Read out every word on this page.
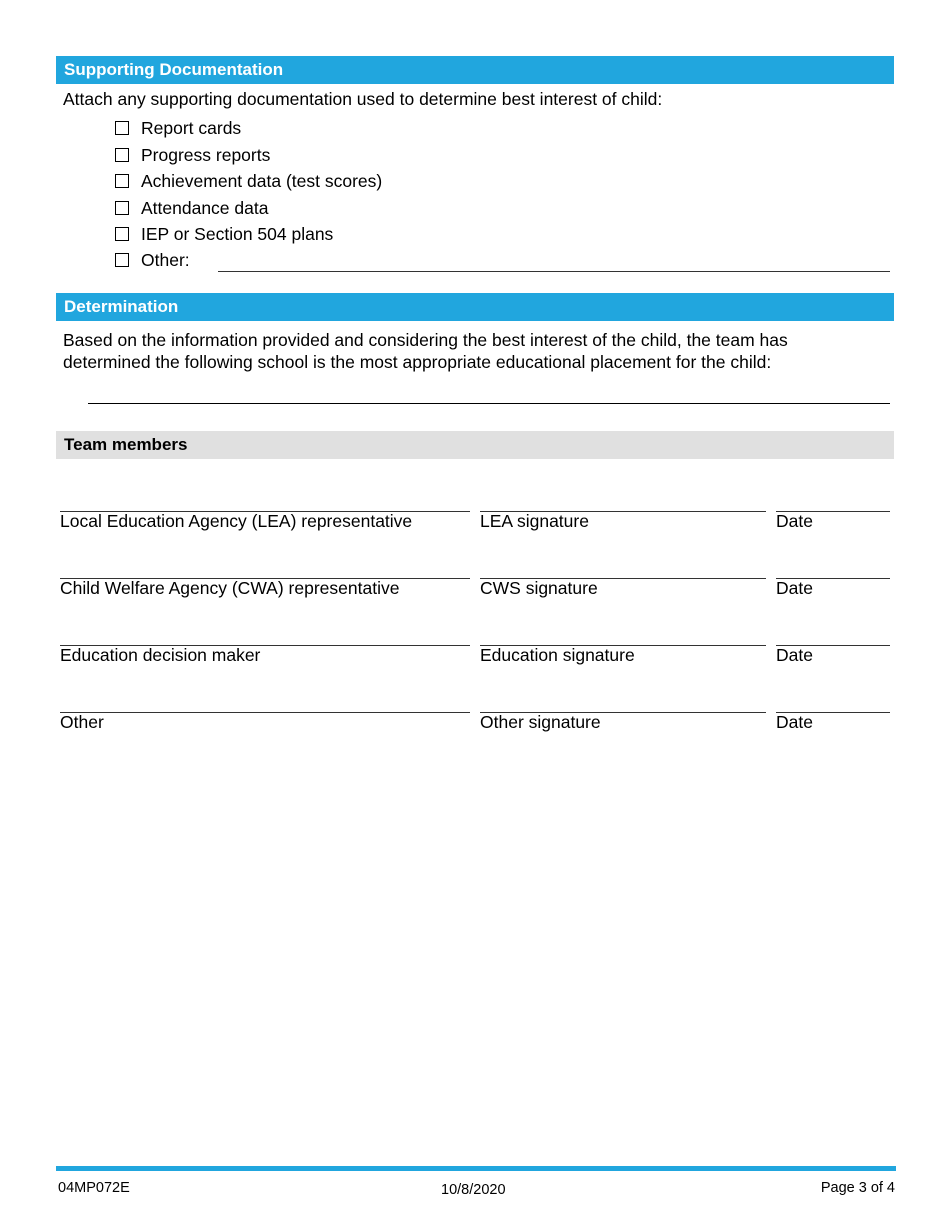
Supporting Documentation
Attach any supporting documentation used to determine best interest of child:
Report cards
Progress reports
Achievement data (test scores)
Attendance data
IEP or Section 504 plans
Other:
Determination
Based on the information provided and considering the best interest of the child, the team has
determined the following school is the most appropriate educational placement for the child:
Team members
Local Education Agency (LEA) representative	LEA signature	Date
Child Welfare Agency (CWA) representative	CWS signature	Date
Education decision maker	Education signature	Date
Other	Other signature	Date
04MP072E	10/8/2020	Page 3 of 4
